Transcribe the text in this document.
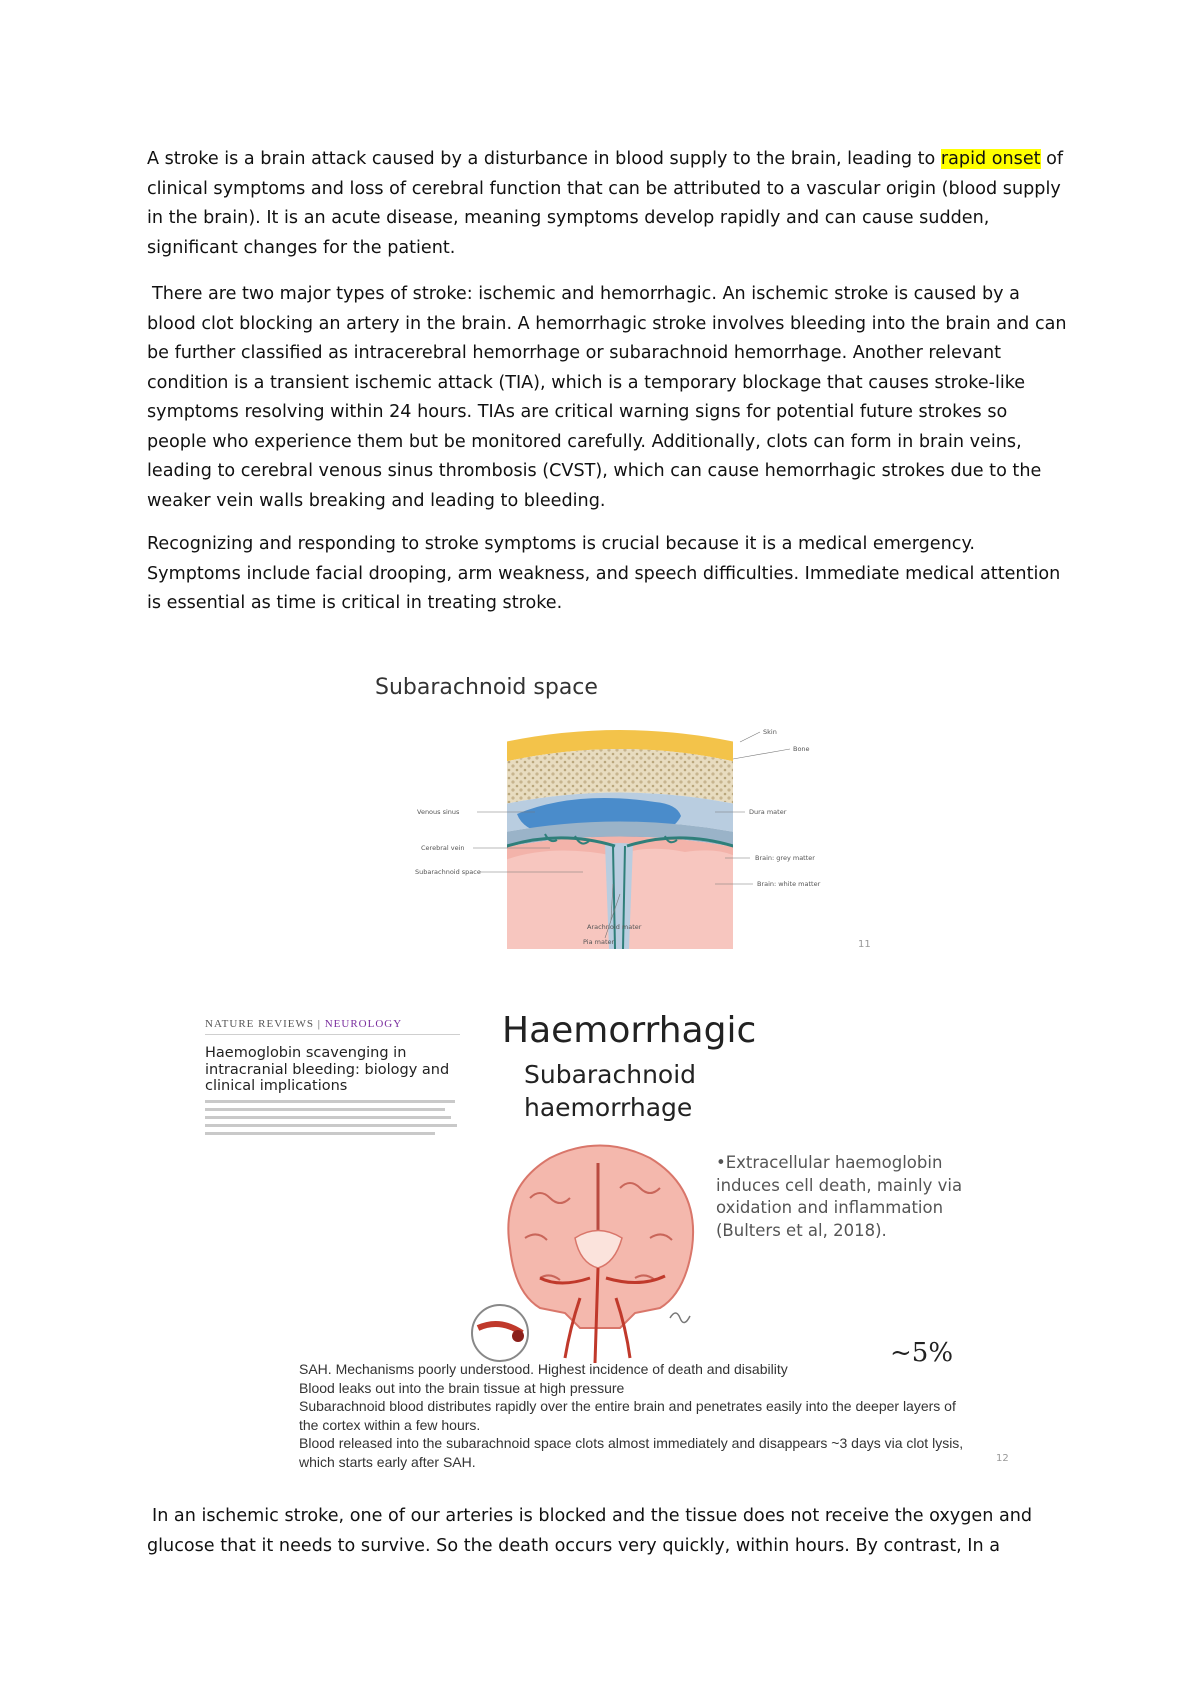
A stroke is a brain attack caused by a disturbance in blood supply to the brain, leading to rapid onset of clinical symptoms and loss of cerebral function that can be attributed to a vascular origin (blood supply in the brain). It is an acute disease, meaning symptoms develop rapidly and can cause sudden, significant changes for the patient.

There are two major types of stroke: ischemic and hemorrhagic. An ischemic stroke is caused by a blood clot blocking an artery in the brain. A hemorrhagic stroke involves bleeding into the brain and can be further classified as intracerebral hemorrhage or subarachnoid hemorrhage. Another relevant condition is a transient ischemic attack (TIA), which is a temporary blockage that causes stroke-like symptoms resolving within 24 hours. TIAs are critical warning signs for potential future strokes so people who experience them but be monitored carefully. Additionally, clots can form in brain veins, leading to cerebral venous sinus thrombosis (CVST), which can cause hemorrhagic strokes due to the weaker vein walls breaking and leading to bleeding.

Recognizing and responding to stroke symptoms is crucial because it is a medical emergency. Symptoms include facial drooping, arm weakness, and speech difficulties. Immediate medical attention is essential as time is critical in treating stroke.

Subarachnoid space
Skin
Bone
Venous sinus	Dura mater
Cerebral vein
Brain: grey matter
Subarachnoid space
Brain: white matter
Arachnoid mater
Pia mater	11
NATURE REVIEWS | NEUROLOGY
Haemoglobin scavenging in intracranial bleeding: biology and clinical implications
Haemorrhagic
Subarachnoid
haemorrhage
•Extracellular haemoglobin induces cell death, mainly via oxidation and inflammation (Bulters et al, 2018).
~5%
SAH. Mechanisms poorly understood. Highest incidence of death and disability
Blood leaks out into the brain tissue at high pressure
Subarachnoid blood distributes rapidly over the entire brain and penetrates easily into the deeper layers of the cortex within a few hours.
Blood released into the subarachnoid space clots almost immediately and disappears ~3 days via clot lysis, which starts early after SAH.	12

In an ischemic stroke, one of our arteries is blocked and the tissue does not receive the oxygen and glucose that it needs to survive. So the death occurs very quickly, within hours. By contrast, In a
